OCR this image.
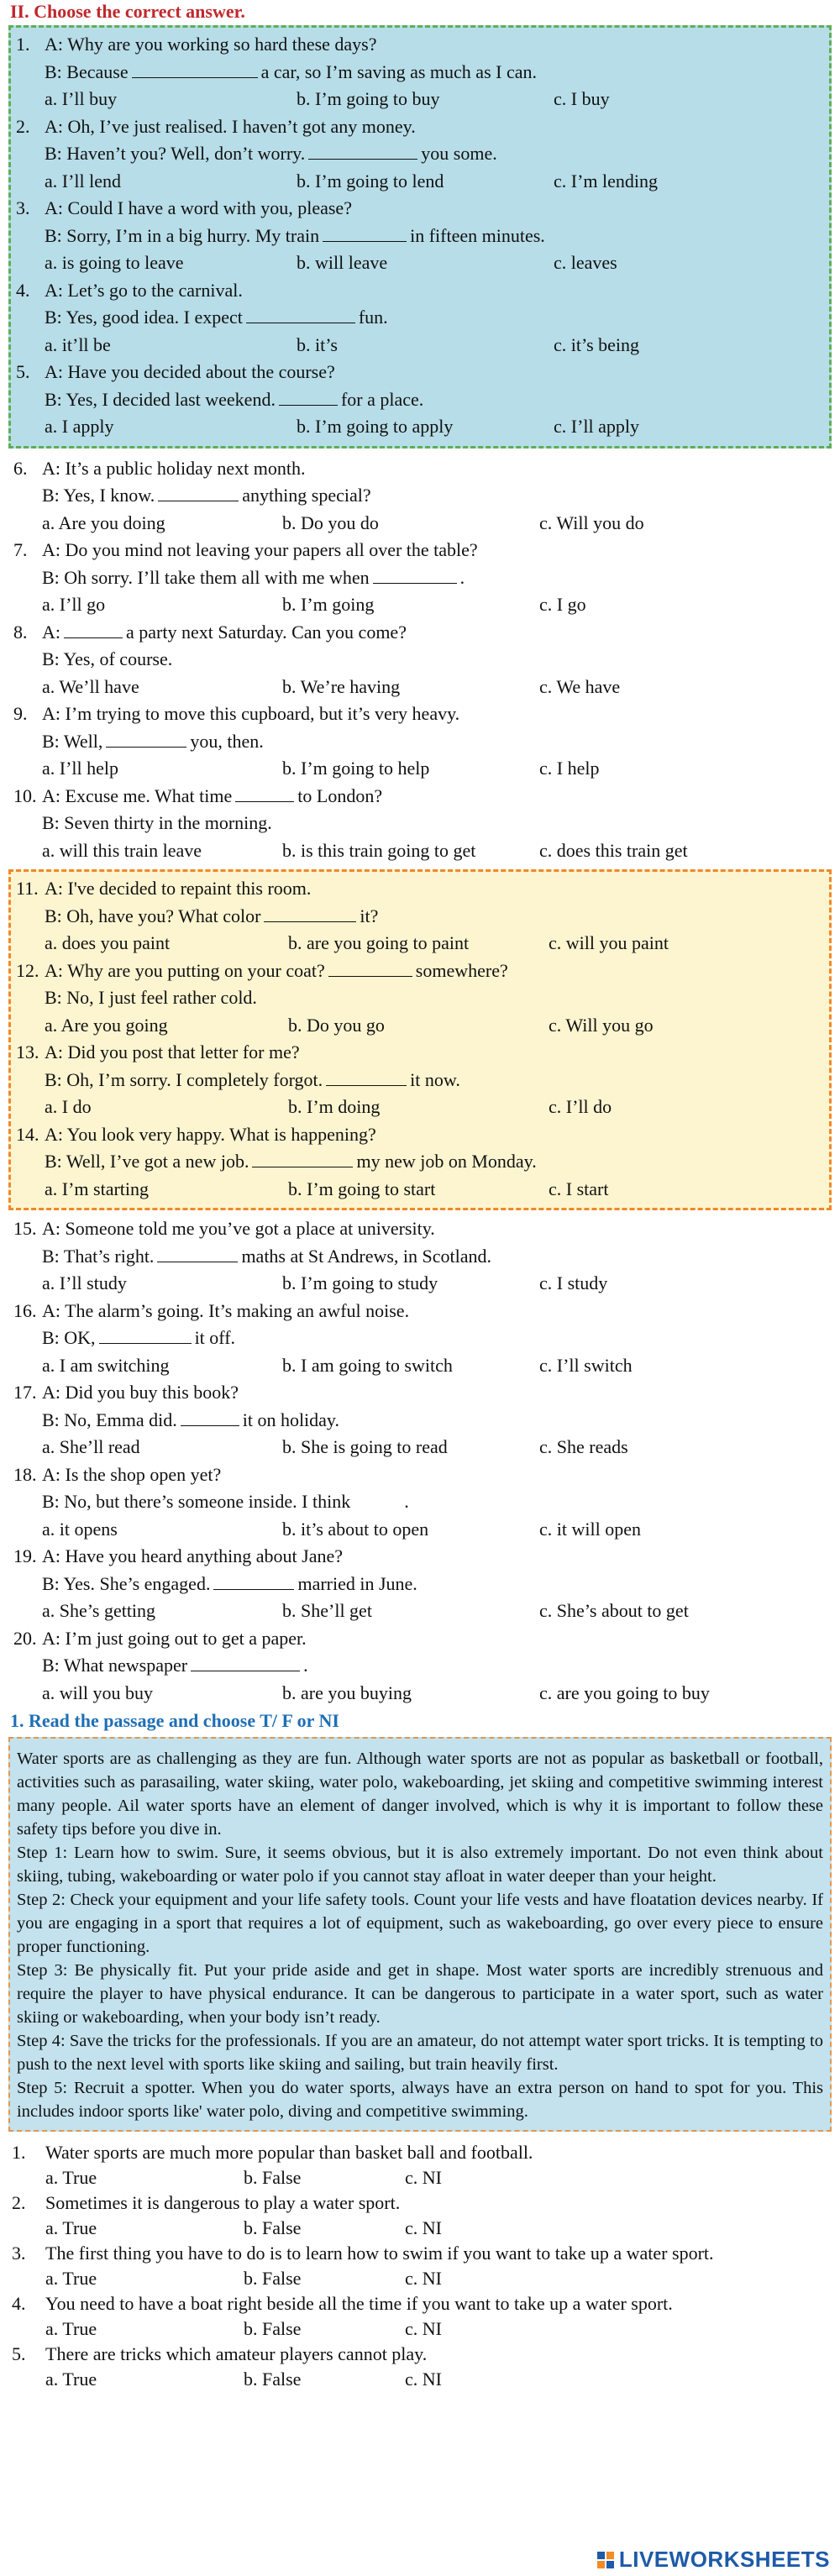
II. Choose the correct answer.
1. A: Why are you working so hard these days?
B: Because	a car, so I’m saving as much as I can.
a. I’ll buy	b. I’m going to buy	c. I buy
2. A: Oh, I’ve just realised. I haven’t got any money.
B: Haven’t you? Well, don’t worry.	you some.
a. I’ll lend	b. I’m going to lend	c. I’m lending
3. A: Could I have a word with you, please?
B: Sorry, I’m in a big hurry. My train	in fifteen minutes.
a. is going to leave	b. will leave	c. leaves
4. A: Let’s go to the carnival.
B: Yes, good idea. I expect	fun.
a. it’ll be	b. it’s	c. it’s being
5. A: Have you decided about the course?
B: Yes, I decided last weekend.	for a place.
a. I apply	b. I’m going to apply	c. I’ll apply
6. A: It’s a public holiday next month.
B: Yes, I know.	anything special?
a. Are you doing	b. Do you do	c. Will you do
7. A: Do you mind not leaving your papers all over the table?
B: Oh sorry. I’ll take them all with me when	.
a. I’ll go	b. I’m going	c. I go
8. A:	a party next Saturday. Can you come?
B: Yes, of course.
a. We’ll have	b. We’re having	c. We have
9. A: I’m trying to move this cupboard, but it’s very heavy.
B: Well,	you, then.
a. I’ll help	b. I’m going to help	c. I help
10. A: Excuse me. What time	to London?
B: Seven thirty in the morning.
a. will this train leave	b. is this train going to get	c. does this train get
11. A: I've decided to repaint this room.
B: Oh, have you? What color	it?
a. does you paint	b. are you going to paint	c. will you paint
12. A: Why are you putting on your coat?	somewhere?
B: No, I just feel rather cold.
a. Are you going	b. Do you go	c. Will you go
13. A: Did you post that letter for me?
B: Oh, I’m sorry. I completely forgot.	it now.
a. I do	b. I’m doing	c. I’ll do
14. A: You look very happy. What is happening?
B: Well, I’ve got a new job.	my new job on Monday.
a. I’m starting	b. I’m going to start	c. I start
15. A: Someone told me you’ve got a place at university.
B: That’s right.	maths at St Andrews, in Scotland.
a. I’ll study	b. I’m going to study	c. I study
16. A: The alarm’s going. It’s making an awful noise.
B: OK,	it off.
a. I am switching	b. I am going to switch	c. I’ll switch
17. A: Did you buy this book?
B: No, Emma did.	it on holiday.
a. She’ll read	b. She is going to read	c. She reads
18. A: Is the shop open yet?
B: No, but there’s someone inside. I think	.
a. it opens	b. it’s about to open	c. it will open
19. A: Have you heard anything about Jane?
B: Yes. She’s engaged.	married in June.
a. She’s getting	b. She’ll get	c. She’s about to get
20. A: I’m just going out to get a paper.
B: What newspaper	.
a. will you buy	b. are you buying	c. are you going to buy
1. Read the passage and choose T/ F or NI

Water sports are as challenging as they are fun. Although water sports are not as popular as basketball or football, activities such as parasailing, water skiing, water polo, wakeboarding, jet skiing and competitive swimming interest many people. Ail water sports have an element of danger involved, which is why it is important to follow these safety tips before you dive in.

Step 1: Learn how to swim. Sure, it seems obvious, but it is also extremely important. Do not even think about skiing, tubing, wakeboarding or water polo if you cannot stay afloat in water deeper than your height.

Step 2: Check your equipment and your life safety tools. Count your life vests and have floatation devices nearby. If you are engaging in a sport that requires a lot of equipment, such as wakeboarding, go over every piece to ensure proper functioning.

Step 3: Be physically fit. Put your pride aside and get in shape. Most water sports are incredibly strenuous and require the player to have physical endurance. It can be dangerous to participate in a water sport, such as water skiing or wakeboarding, when your body isn’t ready.

Step 4: Save the tricks for the professionals. If you are an amateur, do not attempt water sport tricks. It is tempting to push to the next level with sports like skiing and sailing, but train heavily first.

Step 5: Recruit a spotter. When you do water sports, always have an extra person on hand to spot for you. This includes indoor sports like' water polo, diving and competitive swimming.

1. Water sports are much more popular than basket ball and football.
a. True	b. False	c. NI
2. Sometimes it is dangerous to play a water sport.
a. True	b. False	c. NI
3. The first thing you have to do is to learn how to swim if you want to take up a water sport.
a. True	b. False	c. NI
4. You need to have a boat right beside all the time if you want to take up a water sport.
a. True	b. False	c. NI
5. There are tricks which amateur players cannot play.
a. True	b. False	c. NI
LIVEWORKSHEETS
